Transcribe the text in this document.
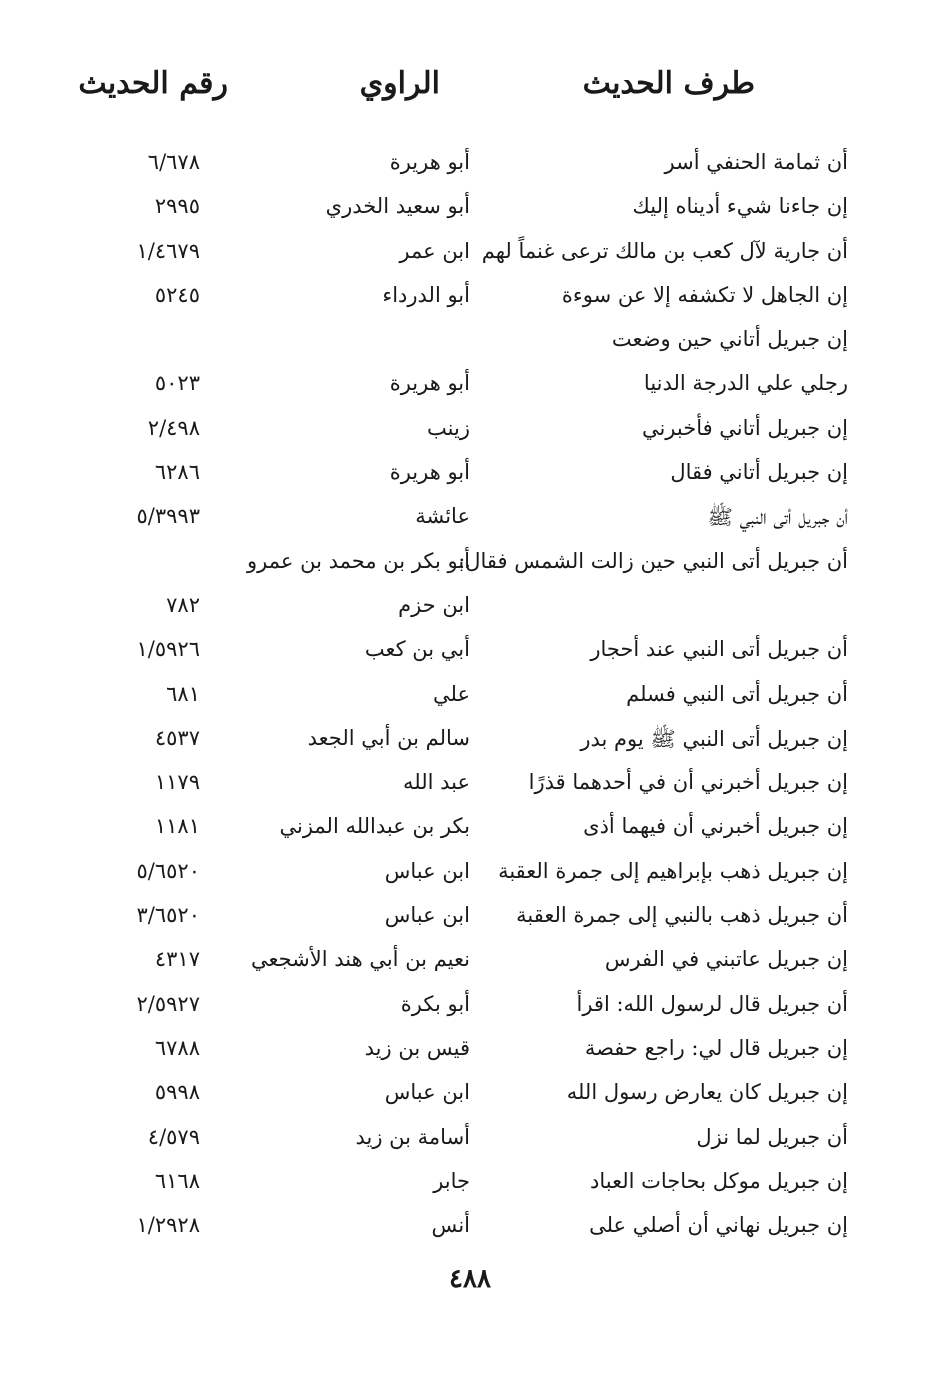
طرف الحديث
الراوي
رقم الحديث
أن ثمامة الحنفي أسر
أبو هريرة
٦/٦٧٨
إن جاءنا شيء أديناه إليك
أبو سعيد الخدري
٢٩٩٥
أن جارية لآل كعب بن مالك ترعى غنماً لهم
ابن عمر
١/٤٦٧٩
إن الجاهل لا تكشفه إلا عن سوءة
أبو الدرداء
٥٢٤٥
إن جبريل أتاني حين وضعت
رجلي علي الدرجة الدنيا
أبو هريرة
٥٠٢٣
إن جبريل أتاني فأخبرني
زينب
٢/٤٩٨
إن جبريل أتاني فقال
أبو هريرة
٦٢٨٦
أن جبريل أتى النبي ﷺ
عائشة
٥/٣٩٩٣
أن جبريل أتى النبي حين زالت الشمس فقال:
أبو بكر بن محمد بن عمرو
ابن حزم
٧٨٢
أن جبريل أتى النبي عند أحجار
أبي بن كعب
١/٥٩٢٦
أن جبريل أتى النبي فسلم
علي
٦٨١
إن جبريل أتى النبي ﷺ يوم بدر
سالم بن أبي الجعد
٤٥٣٧
إن جبريل أخبرني أن في أحدهما قذرًا
عبد الله
١١٧٩
إن جبريل أخبرني أن فيهما أذى
بكر بن عبدالله المزني
١١٨١
إن جبريل ذهب بإبراهيم إلى جمرة العقبة
ابن عباس
٥/٦٥٢٠
أن جبريل ذهب بالنبي إلى جمرة العقبة
ابن عباس
٣/٦٥٢٠
إن جبريل عاتبني في الفرس
نعيم بن أبي هند الأشجعي
٤٣١٧
أن جبريل قال لرسول الله: اقرأ
أبو بكرة
٢/٥٩٢٧
إن جبريل قال لي: راجع حفصة
قيس بن زيد
٦٧٨٨
إن جبريل كان يعارض رسول الله
ابن عباس
٥٩٩٨
أن جبريل لما نزل
أسامة بن زيد
٤/٥٧٩
إن جبريل موكل بحاجات العباد
جابر
٦١٦٨
إن جبريل نهاني أن أصلي على
أنس
١/٢٩٢٨
٤٨٨
